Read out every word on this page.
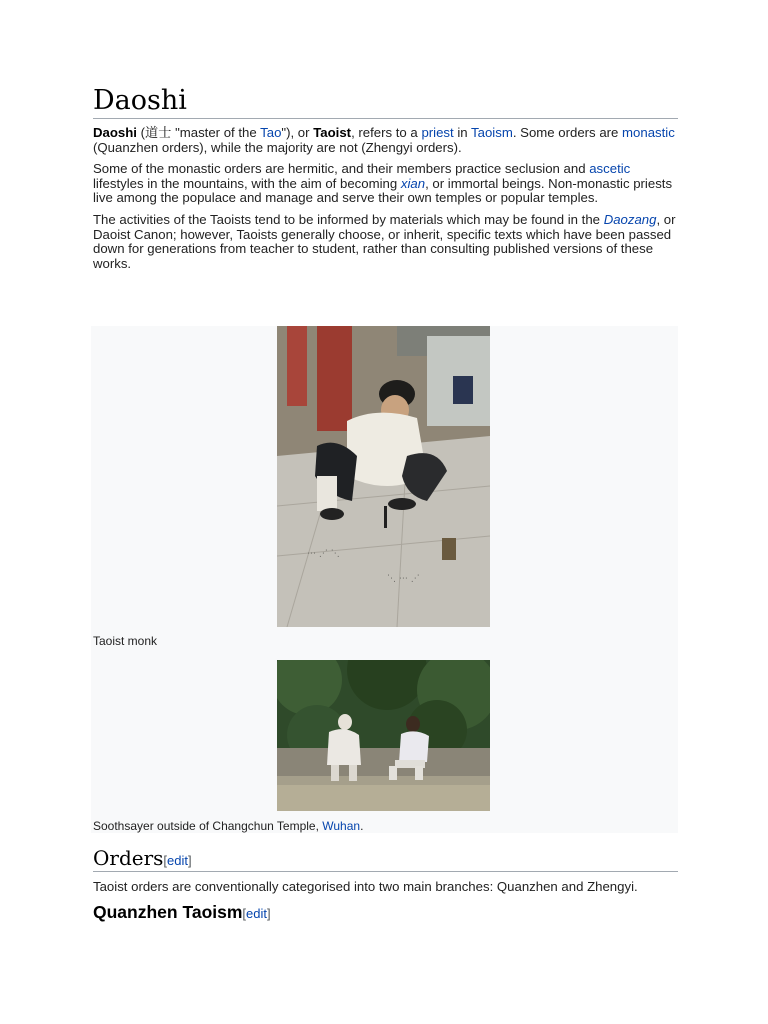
Daoshi

Daoshi (道士 "master of the Tao"), or Taoist, refers to a priest in Taoism. Some orders are monastic (Quanzhen orders), while the majority are not (Zhengyi orders).

Some of the monastic orders are hermitic, and their members practice seclusion and ascetic lifestyles in the mountains, with the aim of becoming xian, or immortal beings. Non-monastic priests live among the populace and manage and serve their own temples or popular temples.

The activities of the Taoists tend to be informed by materials which may be found in the Daozang, or Daoist Canon; however, Taoists generally choose, or inherit, specific texts which have been passed down for generations from teacher to student, rather than consulting published versions of these works.

⋯ ⋰ ⋱
⋱ ⋯ ⋰
Taoist monk
Soothsayer outside of Changchun Temple, Wuhan.
Orders[edit]

Taoist orders are conventionally categorised into two main branches: Quanzhen and Zhengyi.

Quanzhen Taoism[edit]
